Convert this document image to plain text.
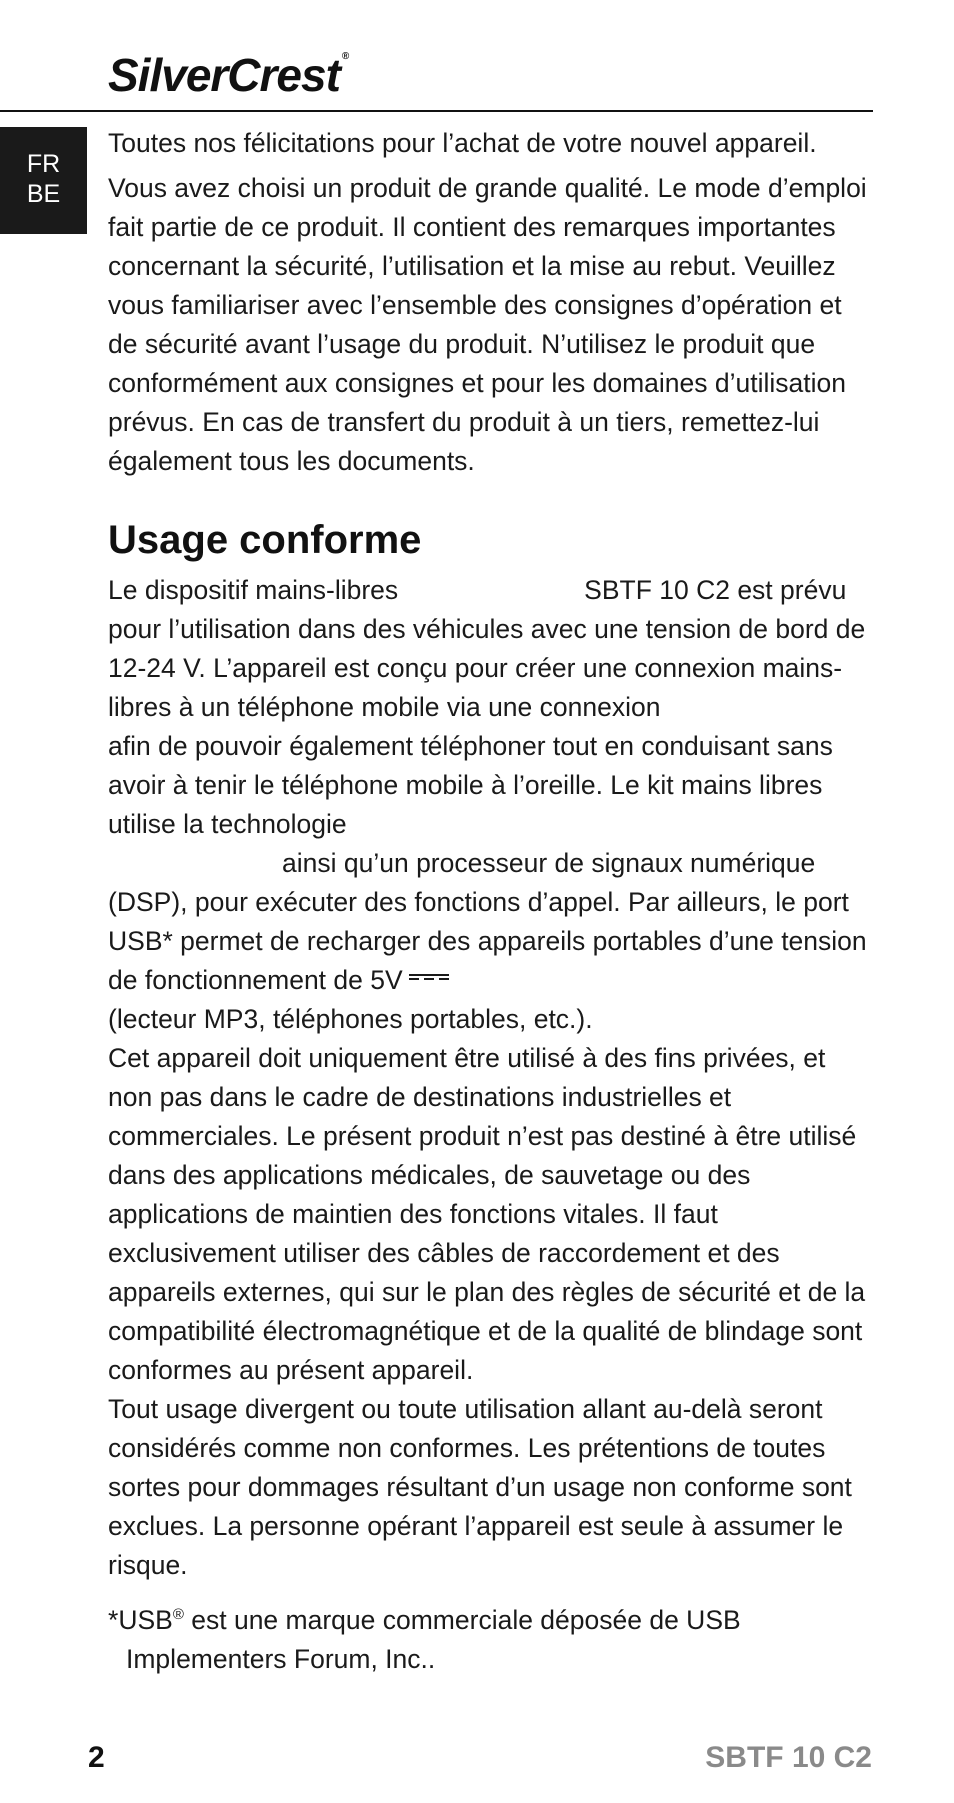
SilverCrest ®
FR
BE

Toutes nos félicitations pour l’achat de votre nouvel appareil.

Vous avez choisi un produit de grande qualité. Le mode d’emploi fait partie de ce produit. Il contient des remarques importantes concernant la sécurité, l’utilisation et la mise au rebut. Veuillez vous familiariser avec l’ensemble des consignes d’opération et de sécurité avant l’usage du produit. N’utilisez le produit que conformément aux consignes et pour les domaines d’utilisation prévus. En cas de transfert du produit à un tiers, remettez-lui également tous les documents.

Usage conforme

Le dispositif mains-libres	SBTF 10 C2 est prévu pour l’utilisation dans des véhicules avec une tension de bord de 12-24 V. L’appareil est conçu pour créer une connexion mains-libres à un téléphone mobile via une connexionafin de pouvoir également téléphoner tout en conduisant sans avoir à tenir le téléphone mobile à l’oreille. Le kit mains libres utilise la technologie
ainsi qu’un processeur de signaux numérique (DSP), pour exécuter des fonctions d’appel. Par ailleurs, le port USB* permet de recharger des appareils portables d’une tension de fonctionnement de 5V

(lecteur MP3, téléphones portables, etc.).

Cet appareil doit uniquement être utilisé à des fins privées, et non pas dans le cadre de destinations industrielles et commerciales. Le présent produit n’est pas destiné à être utilisé dans des applications médicales, de sauvetage ou des applications de maintien des fonctions vitales. Il faut exclusivement utiliser des câbles de raccordement et des appareils externes, qui sur le plan des règles de sécurité et de la compatibilité électromagnétique et de la qualité de blindage sont conformes au présent appareil.

Tout usage divergent ou toute utilisation allant au-delà seront considérés comme non conformes. Les prétentions de toutes sortes pour dommages résultant d’un usage non conforme sont exclues. La personne opérant l’appareil est seule à assumer le risque.

*USB® est une marque commerciale déposée de USB Implementers Forum, Inc..

2	SBTF 10 C2
